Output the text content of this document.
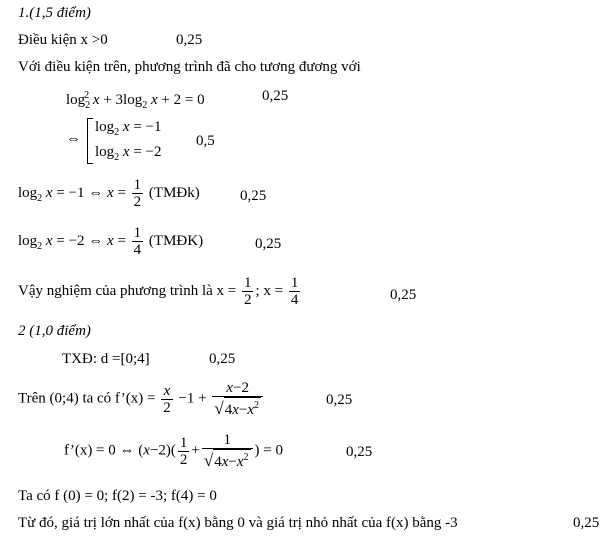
1.(1,5 điểm)
Điều kiện x >0	0,25
Với điều kiện trên, phương trình đã cho tương đương với
$\log_2^2 x + 3\log_2$ x + 2 = 0	0,25
⇔
$\log_2 x = -1$
$\log_2 x = -2$
0,5
$\log_2 x = -1$ ⇔ $x = \frac{1}{2}$ (TMĐk)	0,25
$\log_2 x = -2$ ⇔ $x = \frac{1}{4}$ (TMĐK)	0,25
Vậy nghiệm của phương trình là $x = \frac{1}{2}$ ; $x = \frac{1}{4}$	0,25
2 (1,0 điểm)
TXĐ: d =[0;4]	0,25
Trên (0;4) ta có f’(x) = $\frac{x}{2} -1 + \frac{x-2}{√4x-x^2}$	0,25
f’(x) = 0 ⇔ $(x-2)( \frac{1}{2} + \frac{1}{√4x-x^2}$ ) = 0	0,25
Ta có f (0) = 0; f(2) = -3; f(4) = 0
Từ đó, giá trị lớn nhất của f(x) bằng 0 và giá trị nhỏ nhất của f(x) bằng -3	0,25
